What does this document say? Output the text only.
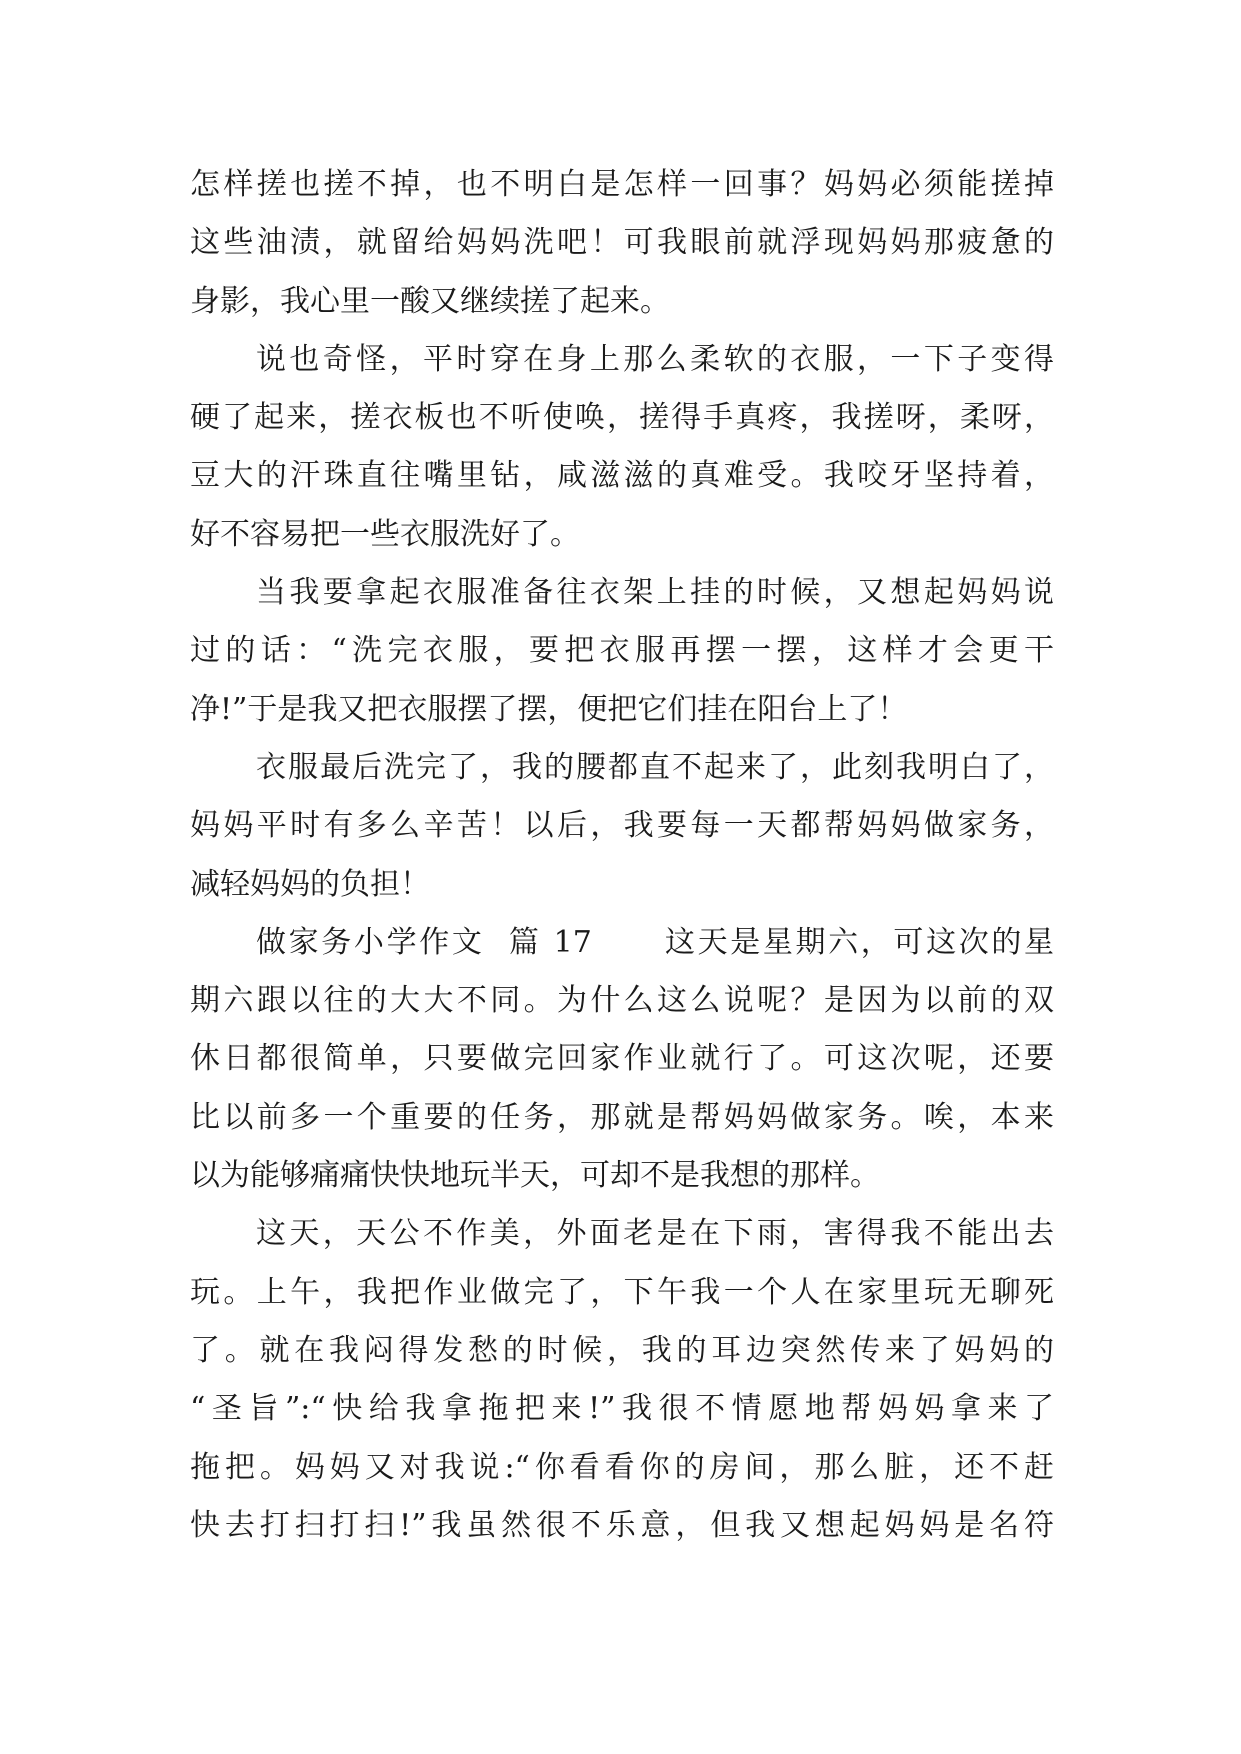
怎样搓也搓不掉，也不明白是怎样一回事？妈妈必须能搓掉
这些油渍，就留给妈妈洗吧！可我眼前就浮现妈妈那疲惫的
身影，我心里一酸又继续搓了起来。
说也奇怪，平时穿在身上那么柔软的衣服，一下子变得
硬了起来，搓衣板也不听使唤，搓得手真疼，我搓呀，柔呀，
豆大的汗珠直往嘴里钻，咸滋滋的真难受。我咬牙坚持着，
好不容易把一些衣服洗好了。
当我要拿起衣服准备往衣架上挂的时候，又想起妈妈说
过的话：“洗完衣服，要把衣服再摆一摆，这样才会更干
净!”于是我又把衣服摆了摆，便把它们挂在阳台上了！
衣服最后洗完了，我的腰都直不起来了，此刻我明白了，
妈妈平时有多么辛苦！以后，我要每一天都帮妈妈做家务，
减轻妈妈的负担！
做家务小学作文  篇 17      这天是星期六，可这次的星
期六跟以往的大大不同。为什么这么说呢？是因为以前的双
休日都很简单，只要做完回家作业就行了。可这次呢，还要
比以前多一个重要的任务，那就是帮妈妈做家务。唉，本来
以为能够痛痛快快地玩半天，可却不是我想的那样。
这天，天公不作美，外面老是在下雨，害得我不能出去
玩。上午，我把作业做完了，下午我一个人在家里玩无聊死
了。就在我闷得发愁的时候，我的耳边突然传来了妈妈的
“圣旨”:“快给我拿拖把来!”我很不情愿地帮妈妈拿来了
拖把。妈妈又对我说:“你看看你的房间，那么脏，还不赶
快去打扫打扫!”我虽然很不乐意，但我又想起妈妈是名符
